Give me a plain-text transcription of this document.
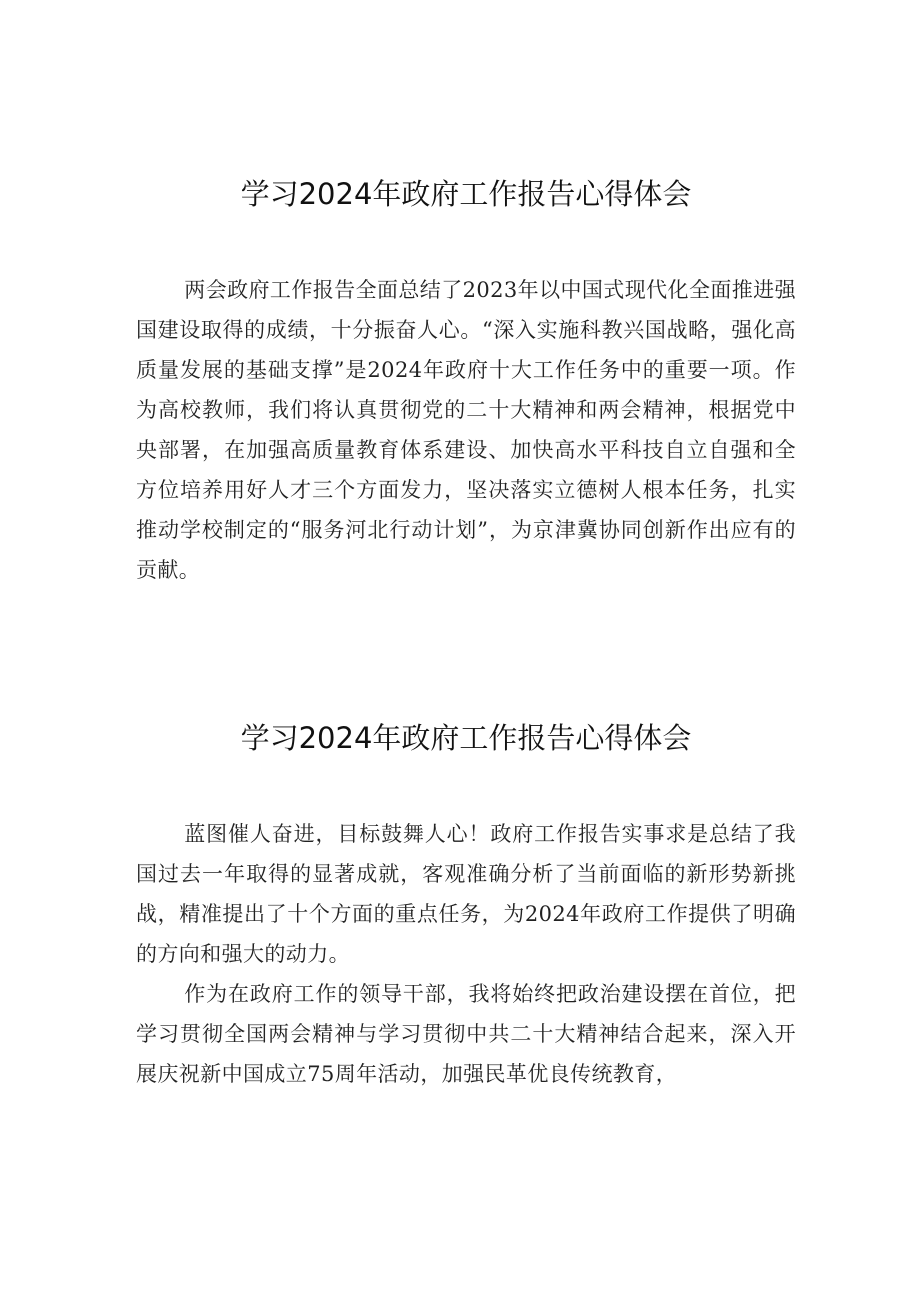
学习2024年政府工作报告心得体会

两会政府工作报告全面总结了2023年以中国式现代化全面推进强国建设取得的成绩，十分振奋人心。“深入实施科教兴国战略，强化高质量发展的基础支撑”是2024年政府十大工作任务中的重要一项。作为高校教师，我们将认真贯彻党的二十大精神和两会精神，根据党中央部署，在加强高质量教育体系建设、加快高水平科技自立自强和全方位培养用好人才三个方面发力，坚决落实立德树人根本任务，扎实推动学校制定的“服务河北行动计划”，为京津冀协同创新作出应有的贡献。

学习2024年政府工作报告心得体会

蓝图催人奋进，目标鼓舞人心！政府工作报告实事求是总结了我国过去一年取得的显著成就，客观准确分析了当前面临的新形势新挑战，精准提出了十个方面的重点任务，为2024年政府工作提供了明确的方向和强大的动力。

作为在政府工作的领导干部，我将始终把政治建设摆在首位，把学习贯彻全国两会精神与学习贯彻中共二十大精神结合起来，深入开展庆祝新中国成立75周年活动，加强民革优良传统教育，
